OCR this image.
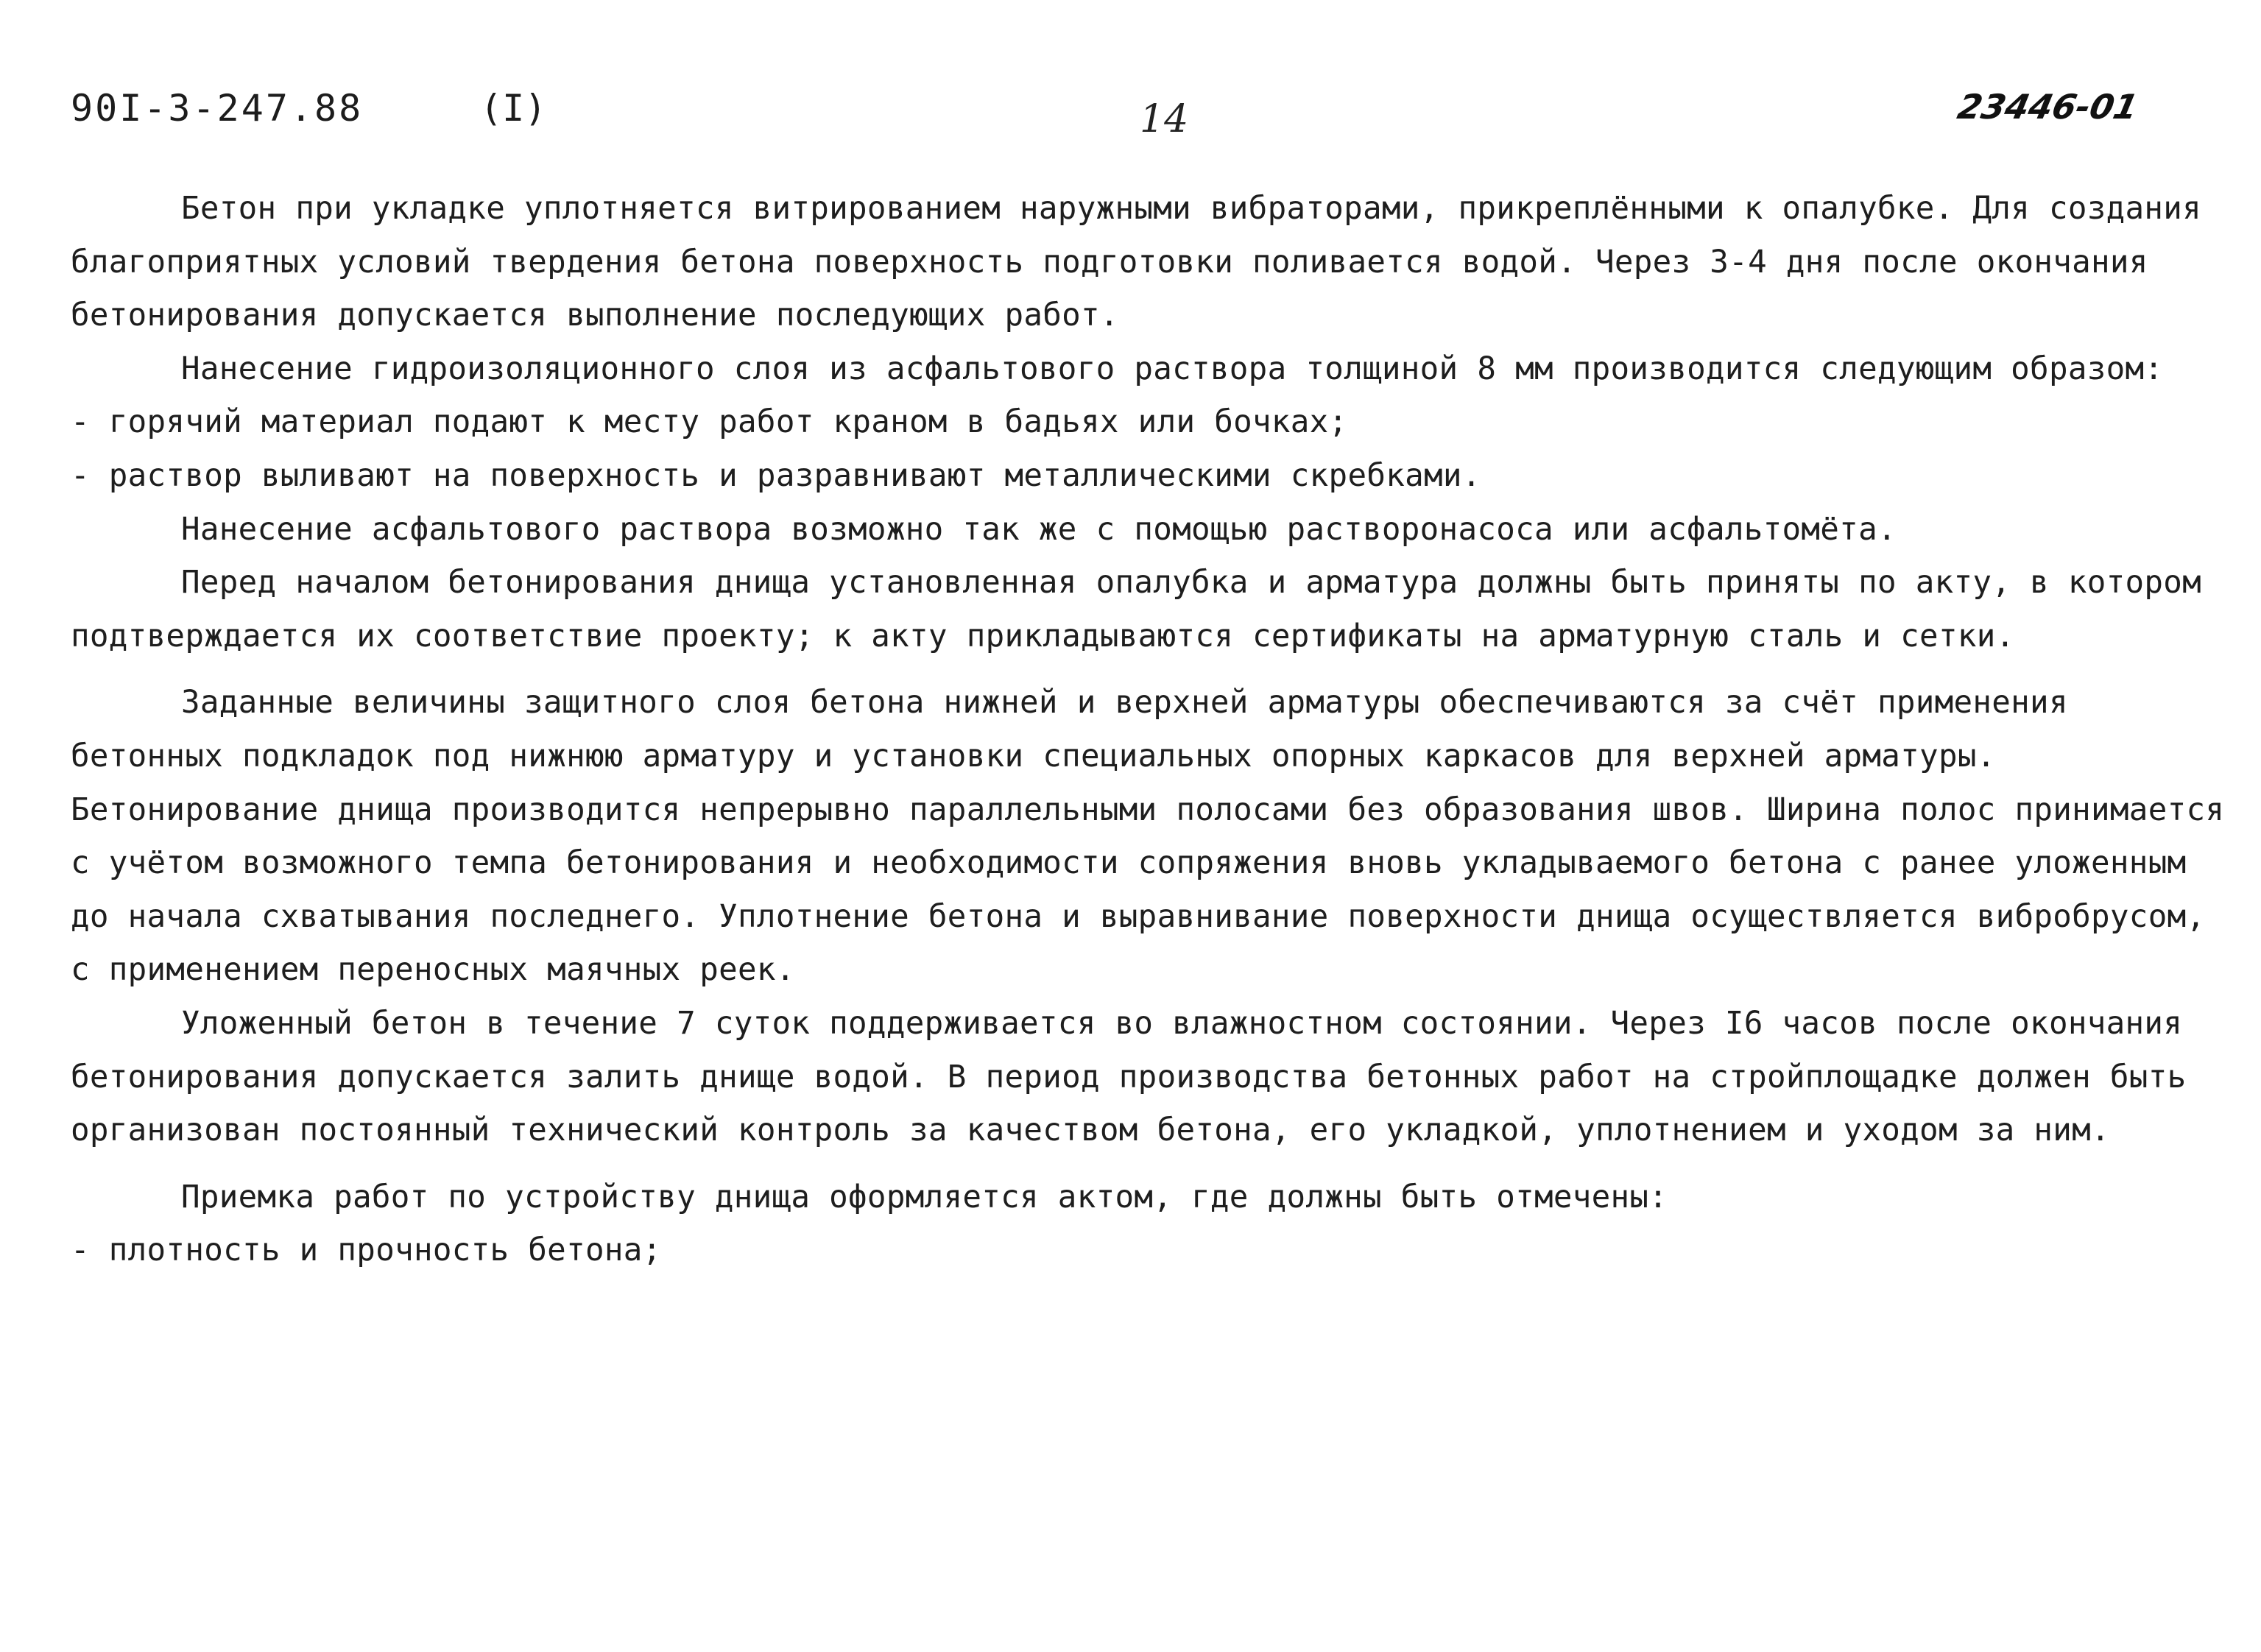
90I-3-247.88	(I)	14	23446-01

Бетон при укладке уплотняется витрированием наружными вибраторами, прикреплёнными к опалубке. Для создания благоприятных условий твердения бетона поверхность подготовки поливается водой. Через 3-4 дня после окончания бетонирования допускается выполнение последующих работ.

Нанесение гидроизоляционного слоя из асфальтового раствора толщиной 8 мм производится следующим образом:

- горячий материал подают к месту работ краном в бадьях или бочках;

- раствор выливают на поверхность и разравнивают металлическими скребками.

Нанесение асфальтового раствора возможно так же с помощью растворонасоса или асфальтомёта.

Перед началом бетонирования днища установленная опалубка и арматура должны быть приняты по акту, в котором подтверждается их соответствие проекту; к акту прикладываются сертификаты на арматурную сталь и сетки.

Заданные величины защитного слоя бетона нижней и верхней арматуры обеспечиваются за счёт применения бетонных подкладок под нижнюю арматуру и установки специальных опорных каркасов для верхней арматуры. Бетонирование днища производится непрерывно параллельными полосами без образования швов. Ширина полос принимается с учётом возможного темпа бетонирования и необходимости сопряжения вновь укладываемого бетона с ранее уложенным до начала схватывания последнего. Уплотнение бетона и выравнивание поверхности днища осуществляется вибробрусом, с применением переносных маячных реек.

Уложенный бетон в течение 7 суток поддерживается во влажностном состоянии. Через I6 часов после окончания бетонирования допускается залить днище водой. В период производства бетонных работ на стройплощадке должен быть организован постоянный технический контроль за качеством бетона, его укладкой, уплотнением и уходом за ним.

Приемка работ по устройству днища оформляется актом, где должны быть отмечены:

- плотность и прочность бетона;
